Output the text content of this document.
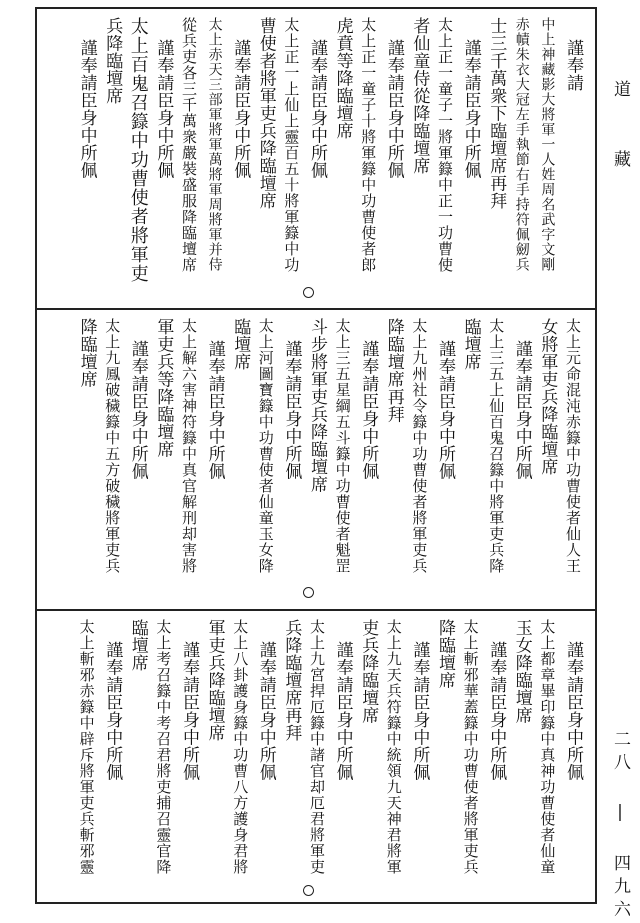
謹奉請
中上神藏影大將軍一人姓周名武字文剛
赤幘朱衣大冠左手執節右手持符佩劒兵
士三千萬衆下臨壇席再拜
謹奉請臣身中所佩
太上正一童子一將軍籙中正一功曹使
者仙童侍從降臨壇席
謹奉請臣身中所佩
太上正一童子十將軍籙中功曹使者郎
虎賁等降臨壇席
謹奉請臣身中所佩
太上正一上仙上靈百五十將軍籙中功
曹使者將軍吏兵降臨壇席
謹奉請臣身中所佩
太上赤天三部軍將軍萬將軍周將軍并侍
從兵吏各三千萬衆嚴裝盛服降臨壇席
謹奉請臣身中所佩
太上百鬼召籙中功曹使者將軍吏
兵降臨壇席
謹奉請臣身中所佩
太上元命混沌赤籙中功曹使者仙人王
女將軍吏兵降臨壇席
謹奉請臣身中所佩
太上三五上仙百鬼召籙中將軍吏兵降
臨壇席
謹奉請臣身中所佩
太上九州社令籙中功曹使者將軍吏兵
降臨壇席再拜
謹奉請臣身中所佩
太上三五星綱五斗籙中功曹使者魁罡
斗步將軍吏兵降臨壇席
謹奉請臣身中所佩
太上河圖寶籙中功曹使者仙童玉女降
臨壇席
謹奉請臣身中所佩
太上解六害神符籙中真官解刑却害將
軍吏兵等降臨壇席
謹奉請臣身中所佩
太上九鳳破穢籙中五方破穢將軍吏兵
降臨壇席
謹奉請臣身中所佩
太上都章畢印籙中真神功曹使者仙童
玉女降臨壇席
謹奉請臣身中所佩
太上斬邪華蓋籙中功曹使者將軍吏兵
降臨壇席
謹奉請臣身中所佩
太上九天兵符籙中統領九天神君將軍
吏兵降臨壇席
謹奉請臣身中所佩
太上九宮捍厄籙中諸官却厄君將軍吏
兵降臨壇席再拜
謹奉請臣身中所佩
太上八卦護身籙中功曹八方護身君將
軍吏兵降臨壇席
謹奉請臣身中所佩
太上考召籙中考召君將吏捕召靈官降
臨壇席
謹奉請臣身中所佩
太上斬邪赤籙中辟斥將軍吏兵斬邪靈
道　藏
二八 | 四九六
